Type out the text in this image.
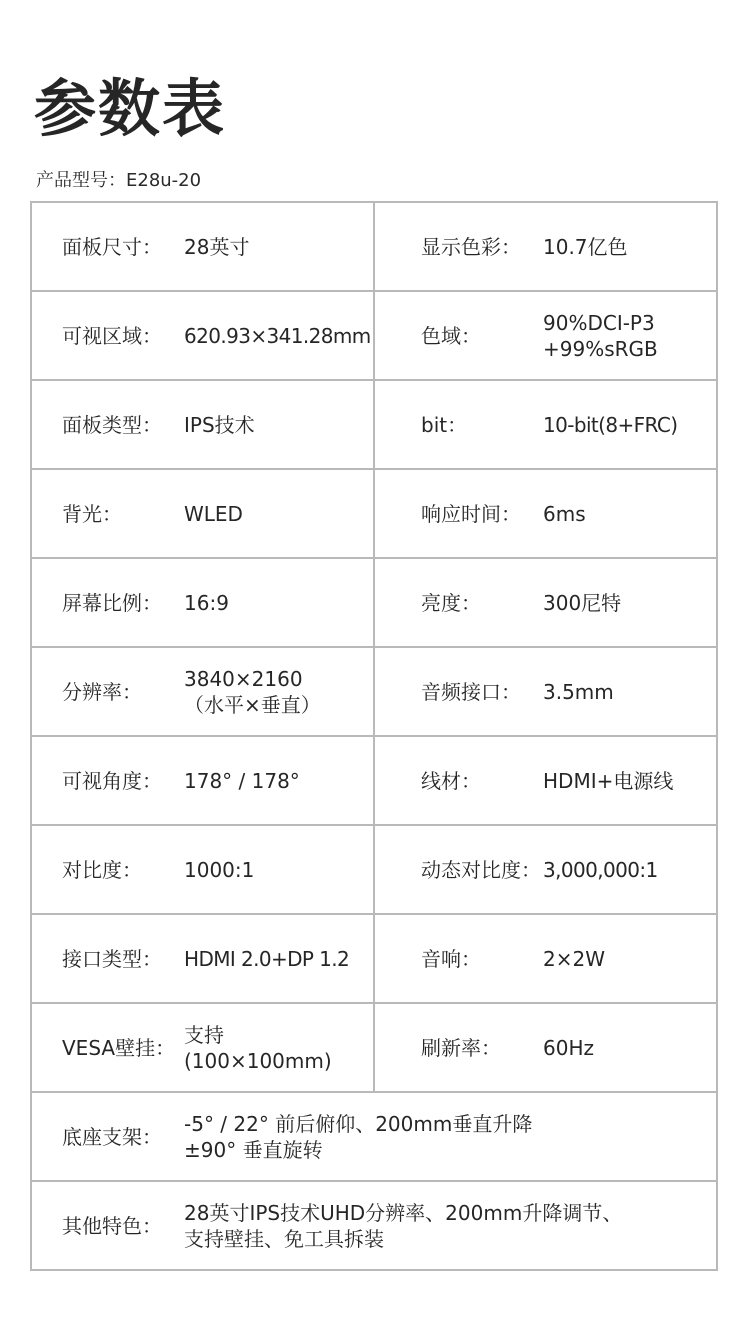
参数表
产品型号：E28u-20
面板尺寸： 28英寸	显示色彩： 10.7亿色

可视区域： 620.93×341.28mm	色域：
90%DCI-P3
+99%sRGB

面板类型： IPS技术	bit： 10-bit(8+FRC)

背光： WLED	响应时间： 6ms

屏幕比例： 16:9	亮度： 300尼特

分辨率：
3840×2160
（水平×垂直）	音频接口： 3.5mm

可视角度： 178° / 178°	线材： HDMI+电源线

对比度： 1000:1	动态对比度： 3,000,000:1

接口类型： HDMI 2.0+DP 1.2	音响： 2×2W

VESA壁挂：
支持
(100×100mm)	刷新率： 60Hz

底座支架：
-5° / 22° 前后俯仰、200mm垂直升降
±90° 垂直旋转	

其他特色：
28英寸IPS技术UHD分辨率、200mm升降调节、
支持壁挂、免工具拆装	
